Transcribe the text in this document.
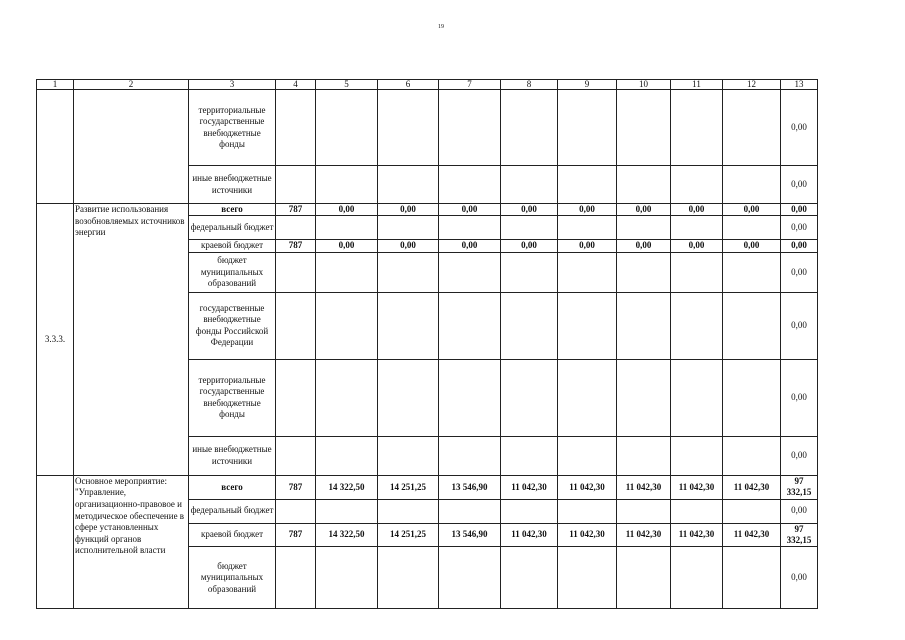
19
1	2	3	4	5	6	7	8	9	10	11	12	13
		территориальные государственные внебюджетные фонды										0,00
		иные внебюджетные источники										0,00
3.3.3.	Развитие использования возобновляемых источников энергии	всего	787	0,00	0,00	0,00	0,00	0,00	0,00	0,00	0,00	0,00
		федеральный бюджет										0,00
		краевой бюджет	787	0,00	0,00	0,00	0,00	0,00	0,00	0,00	0,00	0,00
		бюджет муниципальных образований										0,00
		государственные внебюджетные фонды Российской Федерации										0,00
		территориальные государственные внебюджетные фонды										0,00
		иные внебюджетные источники										0,00
	Основное мероприятие: "Управление, организационно-правовое и методическое обеспечение в сфере установленных функций органов исполнительной власти	всего	787	14 322,50	14 251,25	13 546,90	11 042,30	11 042,30	11 042,30	11 042,30	11 042,30	97 332,15
		федеральный бюджет										0,00
		краевой бюджет	787	14 322,50	14 251,25	13 546,90	11 042,30	11 042,30	11 042,30	11 042,30	11 042,30	97 332,15
		бюджет муниципальных образований										0,00
